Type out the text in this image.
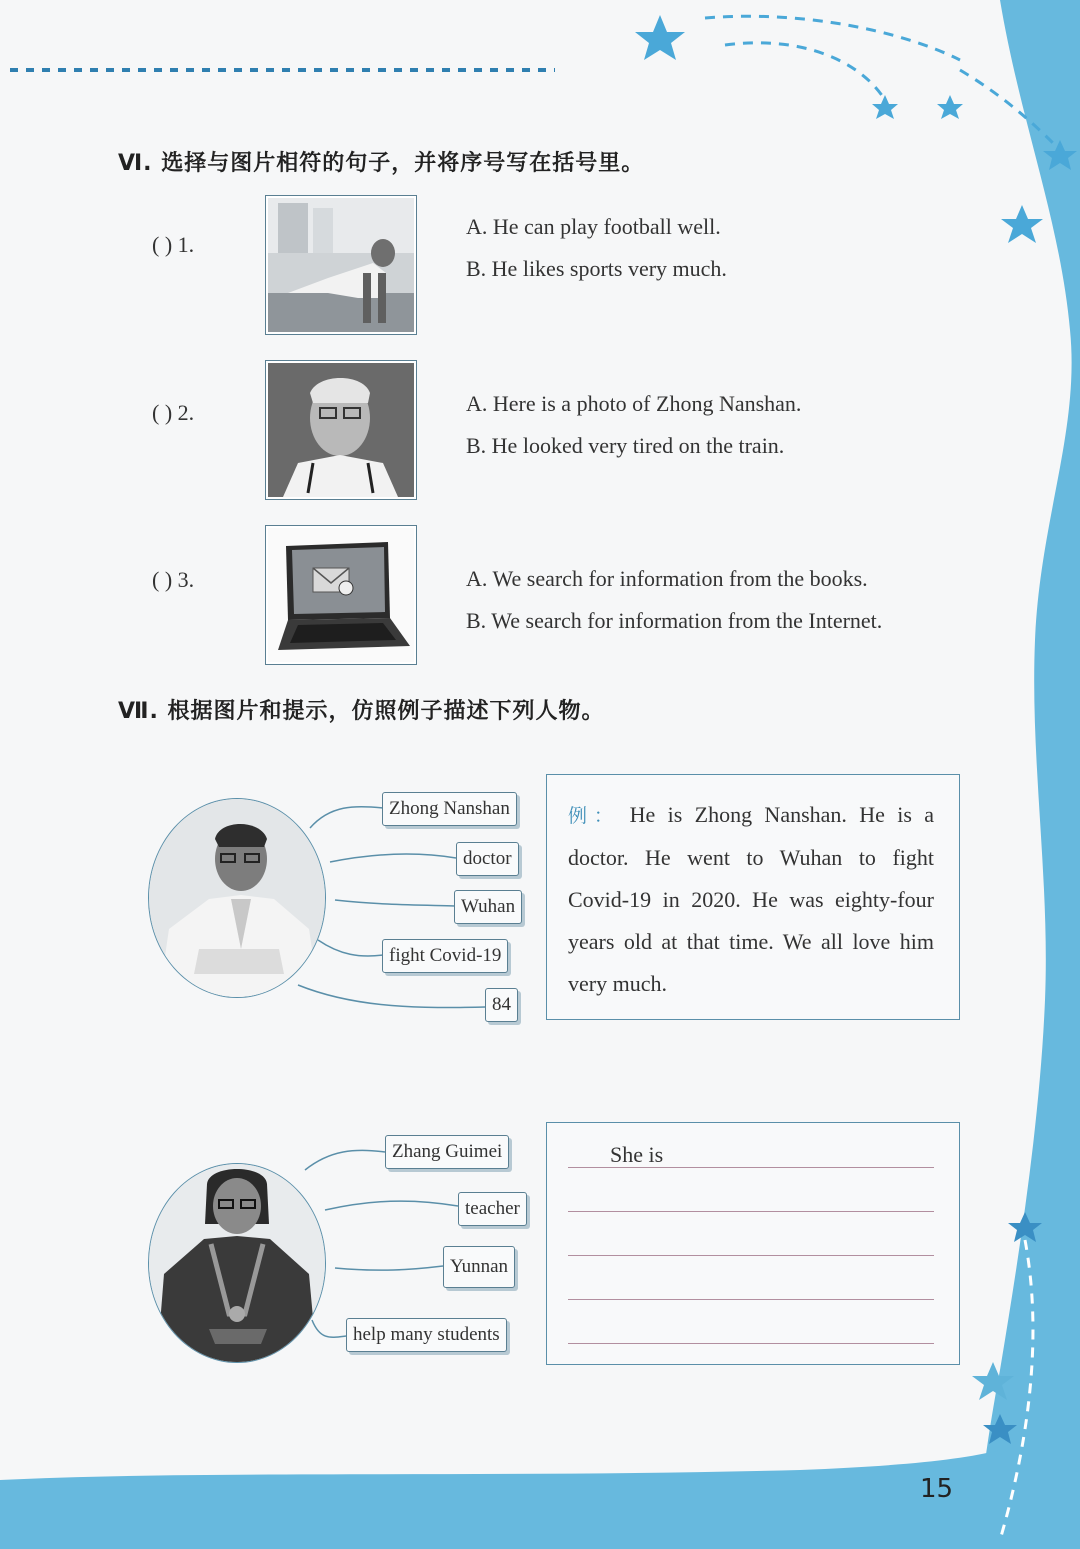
Ⅵ. 选择与图片相符的句子，并将序号写在括号里。
( ) 1.
A. He can play football well.
B. He likes sports very much.
( ) 2.	A. Here is a photo of Zhong Nanshan.
B. He looked very tired on the train.
( ) 3.	A. We search for information from the books.
B. We search for information from the Internet.
Ⅶ. 根据图片和提示，仿照例子描述下列人物。
Zhong Nanshan
doctor
Wuhan
fight Covid-19
84
例： He is Zhong Nanshan. He is a doctor. He went to Wuhan to fight Covid-19 in 2020. He was eighty-four years old at that time. We all love him very much.
Zhang Guimei
teacher
Yunnan
help many students
She is
15
